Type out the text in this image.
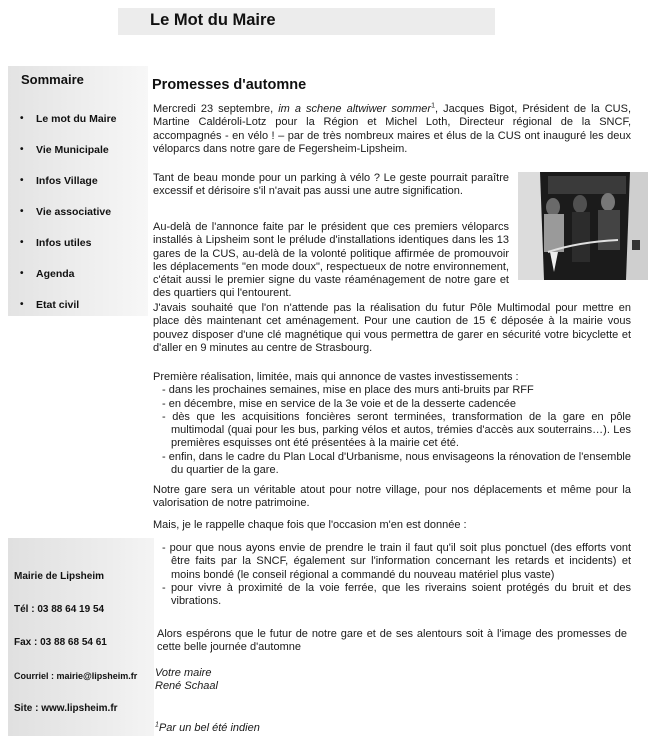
Le Mot du Maire
Sommaire
•	Le mot du Maire
•	Vie Municipale
•	Infos Village
•	Vie associative
•	Infos utiles
•	Agenda
•	Etat civil
Mairie de Lipsheim
Tél : 03 88 64 19 54
Fax : 03 88 68 54 61
Courriel : mairie@lipsheim.fr
Site : www.lipsheim.fr
Promesses d'automne

Mercredi 23 septembre, im a schene altwiwer sommer$^1$, Jacques Bigot, Président de la CUS, Martine Caldéroli-Lotz pour la Région et Michel Loth, Directeur régional de la SNCF, accompagnés - en vélo ! – par de très nombreux maires et élus de la CUS ont inauguré les deux véloparcs dans notre gare de Fegersheim-Lipsheim.

Tant de beau monde pour un parking à vélo ? Le geste pourrait paraître excessif et dérisoire s'il n'avait pas aussi une autre signification.

Au-delà de l'annonce faite par le président que ces premiers véloparcs installés à Lipsheim sont le prélude d'installations identiques dans les 13 gares de la CUS, au-delà de la volonté politique affirmée de promouvoir les déplacements "en mode doux", respectueux de notre environnement, c'était aussi le premier signe du vaste réaménagement de notre gare et des quartiers qui l'entourent.

J'avais souhaité que l'on n'attende pas la réalisation du futur Pôle Multimodal pour mettre en place dès maintenant cet aménagement. Pour une caution de 15 € déposée à la mairie vous pouvez disposer d'une clé magnétique qui vous permettra de garer en sécurité votre bicyclette et d'aller en 9 minutes au centre de Strasbourg.

Première réalisation, limitée, mais qui annonce de vastes investissements :
- dans les prochaines semaines, mise en place des murs anti-bruits par RFF
- en décembre, mise en service de la 3e voie et de la desserte cadencée
- dès que les acquisitions foncières seront terminées, transformation de la gare en pôle multimodal (quai pour les bus, parking vélos et autos, trémies d'accès aux souterrains…). Les premières esquisses ont été présentées à la mairie cet été.
- enfin, dans le cadre du Plan Local d'Urbanisme, nous envisageons la rénovation de l'ensemble du quartier de la gare.

Notre gare sera un véritable atout pour notre village, pour nos déplacements et même pour la valorisation de notre patrimoine.

Mais, je le rappelle chaque fois que l'occasion m'en est donnée :

- pour que nous ayons envie de prendre le train il faut qu'il soit plus ponctuel (des efforts vont être faits par la SNCF, également sur l'information concernant les retards et incidents) et moins bondé (le conseil régional a commandé du nouveau matériel plus vaste)
- pour vivre à proximité de la voie ferrée, que les riverains soient protégés du bruit et des vibrations.

Alors espérons que le futur de notre gare et de ses alentours soit à l'image des promesses de cette belle journée d'automne

Votre maire
René Schaal
$^1$Par un bel été indien
